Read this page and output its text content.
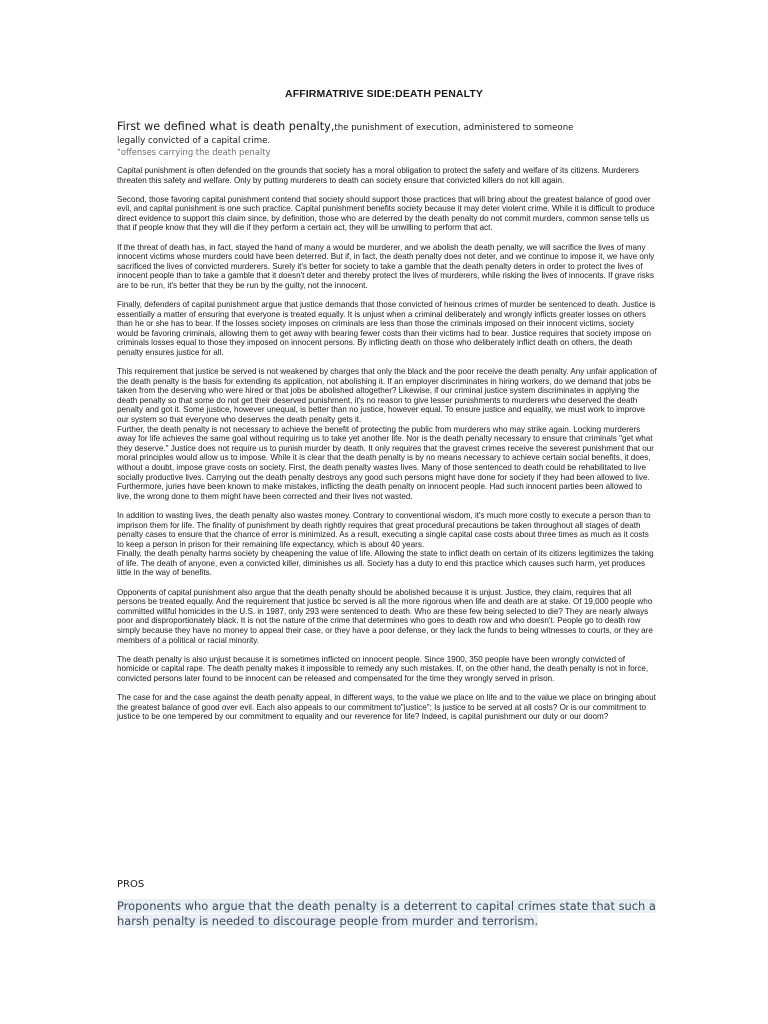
AFFIRMATRIVE SIDE:DEATH PENALTY
First we defined what is death penalty,the punishment of execution, administered to someone
legally convicted of a capital crime.
"offenses carrying the death penalty

Capital punishment is often defended on the grounds that society has a moral obligation to protect the safety and welfare of its citizens. Murderers threaten this safety and welfare. Only by putting murderers to death can society ensure that convicted killers do not kill again.

Second, those favoring capital punishment contend that society should support those practices that will bring about the greatest balance of good over evil, and capital punishment is one such practice. Capital punishment benefits society because it may deter violent crime. While it is difficult to produce direct evidence to support this claim since, by definition, those who are deterred by the death penalty do not commit murders, common sense tells us that if people know that they will die if they perform a certain act, they will be unwilling to perform that act.

If the threat of death has, in fact, stayed the hand of many a would be murderer, and we abolish the death penalty, we will sacrifice the lives of many innocent victims whose murders could have been deterred. But if, in fact, the death penalty does not deter, and we continue to impose it, we have only sacrificed the lives of convicted murderers. Surely it's better for society to take a gamble that the death penalty deters in order to protect the lives of innocent people than to take a gamble that it doesn't deter and thereby protect the lives of murderers, while risking the lives of innocents. If grave risks are to be run, it's better that they be run by the guilty, not the innocent.

Finally, defenders of capital punishment argue that justice demands that those convicted of heinous crimes of murder be sentenced to death. Justice is essentially a matter of ensuring that everyone is treated equally. It is unjust when a criminal deliberately and wrongly inflicts greater losses on others than he or she has to bear. If the losses society imposes on criminals are less than those the criminals imposed on their innocent victims, society would be favoring criminals, allowing them to get away with bearing fewer costs than their victims had to bear. Justice requires that society impose on criminals losses equal to those they imposed on innocent persons. By inflicting death on those who deliberately inflict death on others, the death penalty ensures justice for all.

This requirement that justice be served is not weakened by charges that only the black and the poor receive the death penalty. Any unfair application of the death penalty is the basis for extending its application, not abolishing it. If an employer discriminates in hiring workers, do we demand that jobs be taken from the deserving who were hired or that jobs be abolished altogether? Likewise, if our criminal justice system discriminates in applying the death penalty so that some do not get their deserved punishment, it's no reason to give lesser punishments to murderers who deserved the death penalty and got it. Some justice, however unequal, is better than no justice, however equal. To ensure justice and equality, we must work to improve our system so that everyone who deserves the death penalty gets it.

Further, the death penalty is not necessary to achieve the benefit of protecting the public from murderers who may strike again. Locking murderers away for life achieves the same goal without requiring us to take yet another life. Nor is the death penalty necessary to ensure that criminals "get what they deserve." Justice does not require us to punish murder by death. It only requires that the gravest crimes receive the severest punishment that our moral principles would allow us to impose. While it is clear that the death penalty is by no means necessary to achieve certain social benefits, it does, without a doubt, impose grave costs on society. First, the death penalty wastes lives. Many of those sentenced to death could be rehabilitated to live socially productive lives. Carrying out the death penalty destroys any good such persons might have done for society if they had been allowed to live. Furthermore, juries have been known to make mistakes, inflicting the death penalty on innocent people. Had such innocent parties been allowed to live, the wrong done to them might have been corrected and their lives not wasted.

In addition to wasting lives, the death penalty also wastes money. Contrary to conventional wisdom, it's much more costly to execute a person than to imprison them for life. The finality of punishment by death rightly requires that great procedural precautions be taken throughout all stages of death penalty cases to ensure that the chance of error is minimized. As a result, executing a single capital case costs about three times as much as it costs to keep a person in prison for their remaining life expectancy, which is about 40 years.

Finally, the death penalty harms society by cheapening the value of life. Allowing the state to inflict death on certain of its citizens legitimizes the taking of life. The death of anyone, even a convicted killer, diminishes us all. Society has a duty to end this practice which causes such harm, yet produces little in the way of benefits.

Opponents of capital punishment also argue that the death penalty should be abolished because it is unjust. Justice, they claim, requires that all persons be treated equally. And the requirement that justice bc served is all the more rigorous when life and death are at stake. Of 19,000 people who committed willful homicides in the U.S. in 1987, only 293 were sentenced to death. Who are these few being selected to die? They are nearly always poor and disproportionately black. It is not the nature of the crime that determines who goes to death row and who doesn't. People go to death row simply because they have no money to appeal their case, or they have a poor defense, or they lack the funds to being witnesses to courts, or they are members of a political or racial minority.

The death penalty is also unjust because it is sometimes inflicted on innocent people. Since 1900, 350 people have been wrongly convicted of homicide or capital rape. The death penalty makes it impossible to remedy any such mistakes. If, on the other hand, the death penalty is not in force, convicted persons later found to be innocent can be released and compensated for the time they wrongly served in prison.

The case for and the case against the death penalty appeal, in different ways, to the value we place on life and to the value we place on bringing about the greatest balance of good over evil. Each also appeals to our commitment to"justice": Is justice to be served at all costs? Or is our commitment to justice to be one tempered by our commitment to equality and our reverence for life? Indeed, is capital punishment our duty or our doom?

PROS
Proponents who argue that the death penalty is a deterrent to capital crimes state that such a harsh penalty is needed to discourage people from murder and terrorism.
